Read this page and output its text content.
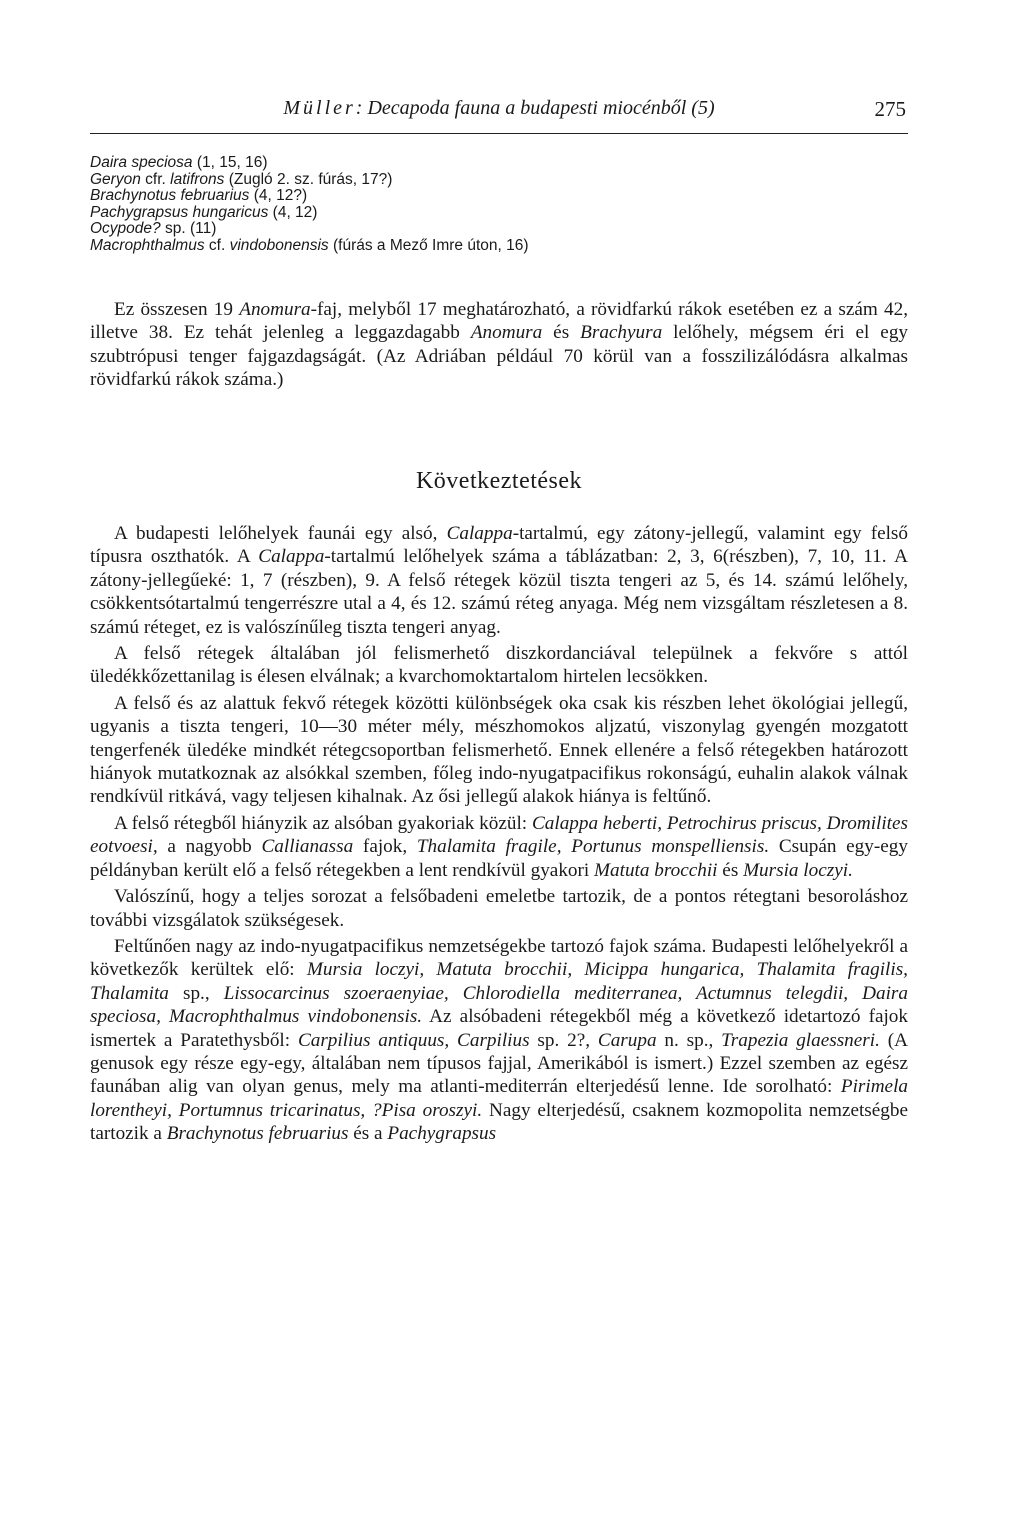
Müller: Decapoda fauna a budapesti miocénből (5)	275
Daira speciosa (1, 15, 16)
Geryon cfr. latifrons (Zugló 2. sz. fúrás, 17?)
Brachynotus februarius (4, 12?)
Pachygrapsus hungaricus (4, 12)
Ocypode? sp. (11)
Macrophthalmus cf. vindobonensis (fúrás a Mező Imre úton, 16)

Ez összesen 19 Anomura-faj, melyből 17 meghatározható, a rövidfarkú rákok esetében ez a szám 42, illetve 38. Ez tehát jelenleg a leggazdagabb Anomura és Brachyura lelőhely, mégsem éri el egy szubtrópusi tenger fajgazdagságát. (Az Adriában például 70 körül van a fosszilizálódásra alkalmas rövidfarkú rákok száma.)

Következtetések

A budapesti lelőhelyek faunái egy alsó, Calappa-tartalmú, egy zátony-jellegű, valamint egy felső típusra oszthatók. A Calappa-tartalmú lelőhelyek száma a táblázatban: 2, 3, 6(részben), 7, 10, 11. A zátony-jellegűeké: 1, 7 (részben), 9. A felső rétegek közül tiszta tengeri az 5, és 14. számú lelőhely, csökkentsótartalmú tengerrészre utal a 4, és 12. számú réteg anyaga. Még nem vizsgáltam részletesen a 8. számú réteget, ez is valószínűleg tiszta tengeri anyag.

A felső rétegek általában jól felismerhető diszkordanciával települnek a fekvőre s attól üledékkőzettanilag is élesen elválnak; a kvarchomoktartalom hirtelen lecsökken.

A felső és az alattuk fekvő rétegek közötti különbségek oka csak kis részben lehet ökológiai jellegű, ugyanis a tiszta tengeri, 10—30 méter mély, mészhomokos aljzatú, viszonylag gyengén mozgatott tengerfenék üledéke mindkét rétegcsoportban felismerhető. Ennek ellenére a felső rétegekben határozott hiányok mutatkoznak az alsókkal szemben, főleg indo-nyugatpacifikus rokonságú, euhalin alakok válnak rendkívül ritkává, vagy teljesen kihalnak. Az ősi jellegű alakok hiánya is feltűnő.

A felső rétegből hiányzik az alsóban gyakoriak közül: Calappa heberti, Petrochirus priscus, Dromilites eotvoesi, a nagyobb Callianassa fajok, Thalamita fragile, Portunus monspelliensis. Csupán egy-egy példányban került elő a felső rétegekben a lent rendkívül gyakori Matuta brocchii és Mursia loczyi.

Valószínű, hogy a teljes sorozat a felsőbadeni emeletbe tartozik, de a pontos rétegtani besoroláshoz további vizsgálatok szükségesek.

Feltűnően nagy az indo-nyugatpacifikus nemzetségekbe tartozó fajok száma. Budapesti lelőhelyekről a következők kerültek elő: Mursia loczyi, Matuta brocchii, Micippa hungarica, Thalamita fragilis, Thalamita sp., Lissocarcinus szoeraenyiae, Chlorodiella mediterranea, Actumnus telegdii, Daira speciosa, Macrophthalmus vindobonensis. Az alsóbadeni rétegekből még a következő idetartozó fajok ismertek a Paratethysből: Carpilius antiquus, Carpilius sp. 2?, Carupa n. sp., Trapezia glaessneri. (A genusok egy része egy-egy, általában nem típusos fajjal, Amerikából is ismert.) Ezzel szemben az egész faunában alig van olyan genus, mely ma atlanti-mediterrán elterjedésű lenne. Ide sorolható: Pirimela lorentheyi, Portumnus tricarinatus, ?Pisa oroszyi. Nagy elterjedésű, csaknem kozmopolita nemzetségbe tartozik a Brachynotus februarius és a Pachygrapsus
